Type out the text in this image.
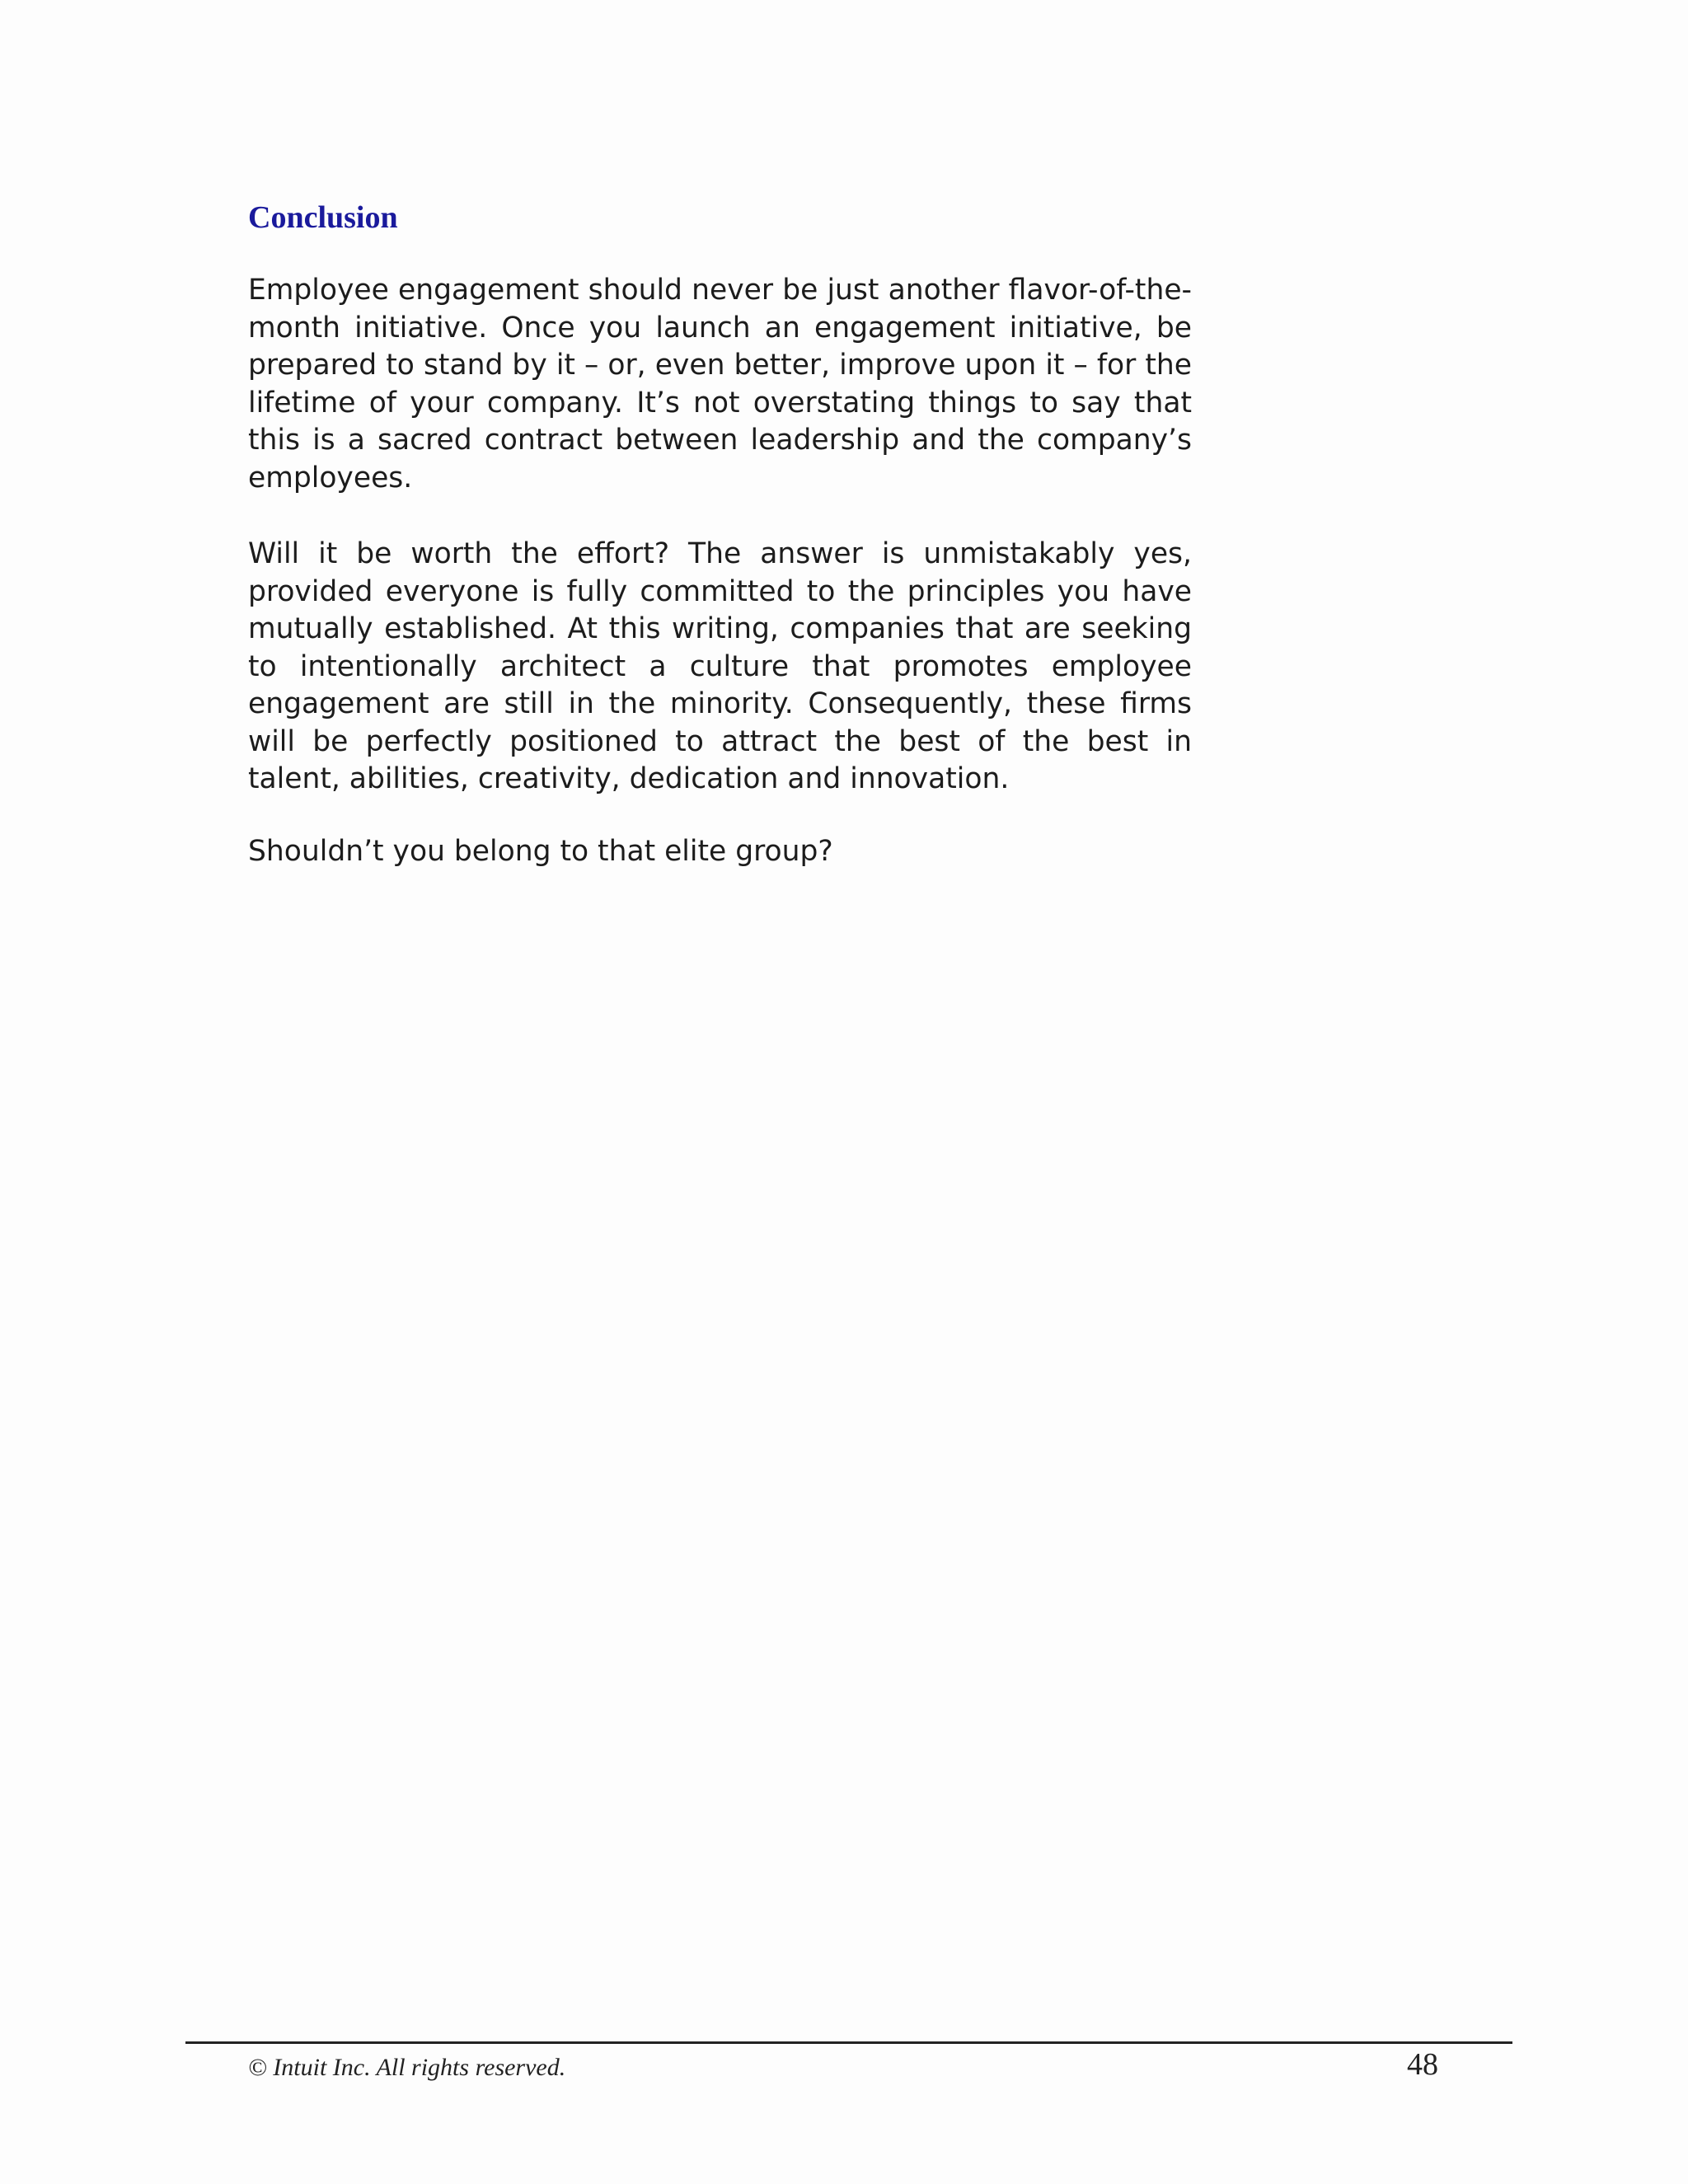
Conclusion

Employee engagement should never be just another flavor-of-the-month initiative. Once you launch an engagement initiative, be prepared to stand by it – or, even better, improve upon it – for the lifetime of your company. It’s not overstating things to say that this is a sacred contract between leadership and the company’s employees.

Will it be worth the effort? The answer is unmistakably yes, provided everyone is fully committed to the principles you have mutually established. At this writing, companies that are seeking to intentionally architect a culture that promotes employee engagement are still in the minority. Consequently, these firms will be perfectly positioned to attract the best of the best in talent, abilities, creativity, dedication and innovation.

Shouldn’t you belong to that elite group?

© Intuit Inc. All rights reserved.	48
